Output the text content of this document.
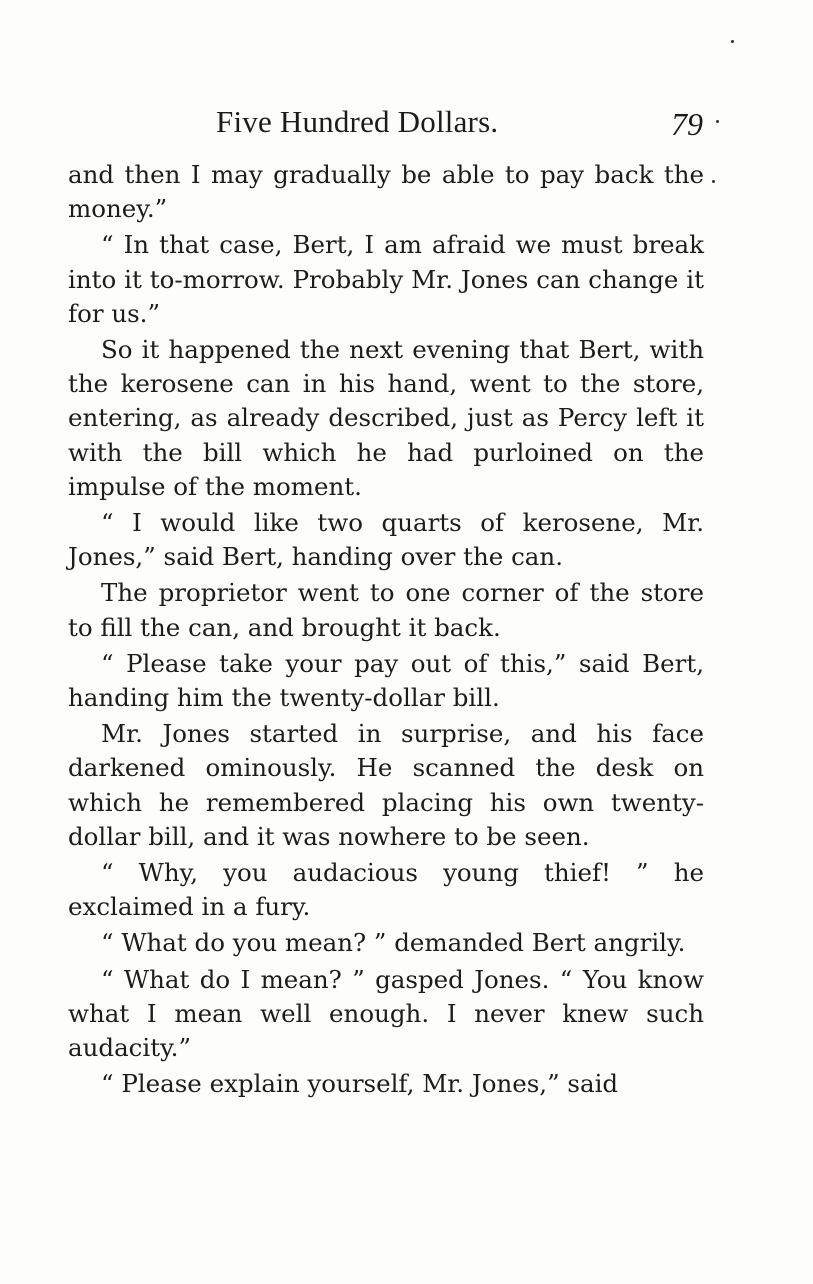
Five Hundred Dollars.	79

and then I may gradually be able to pay back the money.”

“ In that case, Bert, I am afraid we must break into it to-morrow. Probably Mr. Jones can change it for us.”

So it happened the next evening that Bert, with the kerosene can in his hand, went to the store, entering, as already described, just as Percy left it with the bill which he had purloined on the impulse of the moment.

“ I would like two quarts of kerosene, Mr. Jones,” said Bert, handing over the can.

The proprietor went to one corner of the store to fill the can, and brought it back.

“ Please take your pay out of this,” said Bert, handing him the twenty-dollar bill.

Mr. Jones started in surprise, and his face darkened ominously. He scanned the desk on which he remembered placing his own twenty-dollar bill, and it was nowhere to be seen.

“ Why, you audacious young thief! ” he exclaimed in a fury.

“ What do you mean? ” demanded Bert angrily.

“ What do I mean? ” gasped Jones. “ You know what I mean well enough. I never knew such audacity.”

“ Please explain yourself, Mr. Jones,” said
